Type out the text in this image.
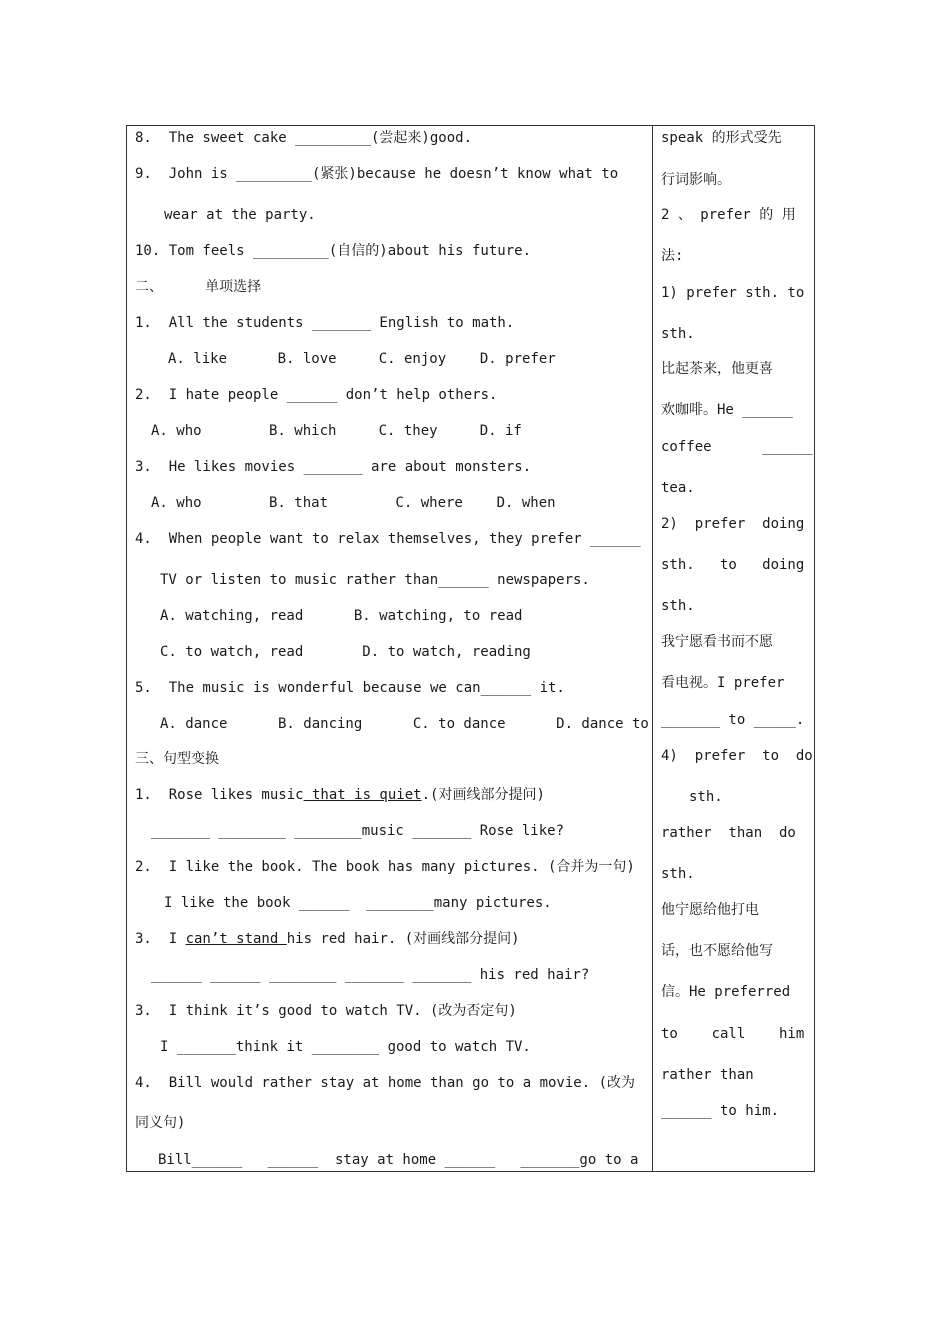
8.  The sweet cake _________(尝起来)good.
9.  John is _________(紧张)because he doesn’t know what to
wear at the party.
10. Tom feels _________(自信的)about his future.
二、     单项选择
1.  All the students _______ English to math.
A. like      B. love     C. enjoy    D. prefer
2.  I hate people ______ don’t help others.
A. who        B. which     C. they     D. if
3.  He likes movies _______ are about monsters.
A. who        B. that        C. where    D. when
4.  When people want to relax themselves, they prefer ______
TV or listen to music rather than______ newspapers.
A. watching, read      B. watching, to read
C. to watch, read       D. to watch, reading
5.  The music is wonderful because we can______ it.
A. dance      B. dancing      C. to dance      D. dance to
三、句型变换
1.  Rose likes music that is quiet.(对画线部分提问)
_______ ________ ________music _______ Rose like?
2.  I like the book. The book has many pictures. (合并为一句)
I like the book ______  ________many pictures.
3.  I can’t stand his red hair. (对画线部分提问)
______ ______ ________ _______ _______ his red hair?
3.  I think it’s good to watch TV. (改为否定句)
I _______think it ________ good to watch TV.
4.  Bill would rather stay at home than go to a movie. (改为
同义句)
Bill______   ______  stay at home ______   _______go to a
speak 的形式受先
行词影响。
2 、 prefer 的 用
法:
1) prefer sth. to
sth.
比起茶来，他更喜
欢咖啡。He ______
coffee      ______
tea.
2)  prefer  doing
sth.   to   doing
sth.
我宁愿看书而不愿
看电视。I prefer
_______ to _____.
4)  prefer  to  do
sth.
rather  than  do
sth.
他宁愿给他打电
话，也不愿给他写
信。He preferred
to    call    him
rather than
______ to him.
